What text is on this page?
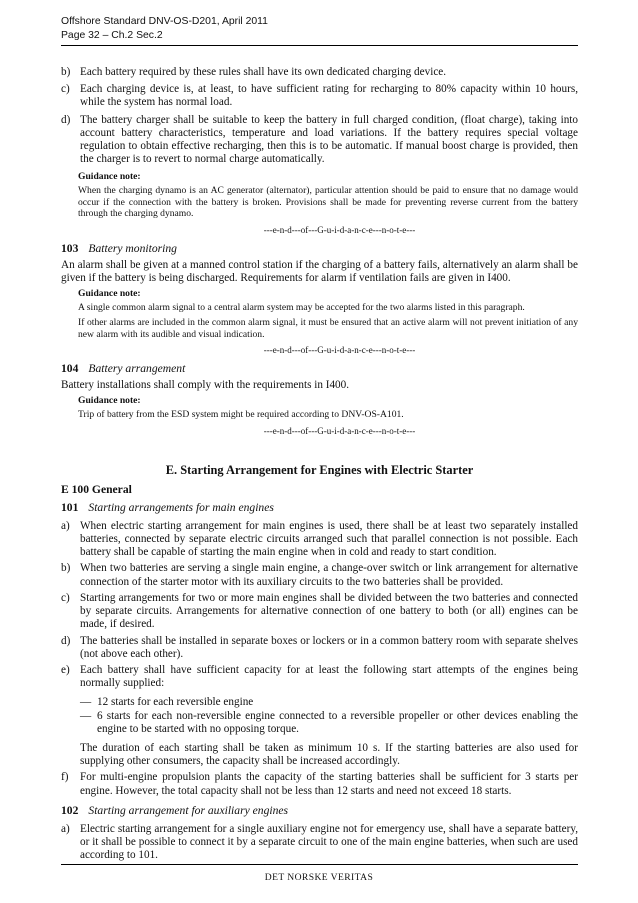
Offshore Standard DNV-OS-D201, April 2011
Page 32 – Ch.2 Sec.2
b) Each battery required by these rules shall have its own dedicated charging device.
c) Each charging device is, at least, to have sufficient rating for recharging to 80% capacity within 10 hours, while the system has normal load.
d) The battery charger shall be suitable to keep the battery in full charged condition, (float charge), taking into account battery characteristics, temperature and load variations. If the battery requires special voltage regulation to obtain effective recharging, then this is to be automatic. If manual boost charge is provided, then the charger is to revert to normal charge automatically.
Guidance note:
When the charging dynamo is an AC generator (alternator), particular attention should be paid to ensure that no damage would occur if the connection with the battery is broken. Provisions shall be made for preventing reverse current from the battery through the charging dynamo.
---e-n-d---of---G-u-i-d-a-n-c-e---n-o-t-e---
103 Battery monitoring
An alarm shall be given at a manned control station if the charging of a battery fails, alternatively an alarm shall be given if the battery is being discharged. Requirements for alarm if ventilation fails are given in I400.
Guidance note:
A single common alarm signal to a central alarm system may be accepted for the two alarms listed in this paragraph.
If other alarms are included in the common alarm signal, it must be ensured that an active alarm will not prevent initiation of any new alarm with its audible and visual indication.
---e-n-d---of---G-u-i-d-a-n-c-e---n-o-t-e---
104 Battery arrangement
Battery installations shall comply with the requirements in I400.
Guidance note:
Trip of battery from the ESD system might be required according to DNV-OS-A101.
---e-n-d---of---G-u-i-d-a-n-c-e---n-o-t-e---
E. Starting Arrangement for Engines with Electric Starter
E 100 General
101 Starting arrangements for main engines
a) When electric starting arrangement for main engines is used, there shall be at least two separately installed batteries, connected by separate electric circuits arranged such that parallel connection is not possible. Each battery shall be capable of starting the main engine when in cold and ready to start condition.
b) When two batteries are serving a single main engine, a change-over switch or link arrangement for alternative connection of the starter motor with its auxiliary circuits to the two batteries shall be provided.
c) Starting arrangements for two or more main engines shall be divided between the two batteries and connected by separate circuits. Arrangements for alternative connection of one battery to both (or all) engines can be made, if desired.
d) The batteries shall be installed in separate boxes or lockers or in a common battery room with separate shelves (not above each other).
e) Each battery shall have sufficient capacity for at least the following start attempts of the engines being normally supplied:
— 12 starts for each reversible engine
— 6 starts for each non-reversible engine connected to a reversible propeller or other devices enabling the engine to be started with no opposing torque.
The duration of each starting shall be taken as minimum 10 s. If the starting batteries are also used for supplying other consumers, the capacity shall be increased accordingly.
f) For multi-engine propulsion plants the capacity of the starting batteries shall be sufficient for 3 starts per engine. However, the total capacity shall not be less than 12 starts and need not exceed 18 starts.
102 Starting arrangement for auxiliary engines
a) Electric starting arrangement for a single auxiliary engine not for emergency use, shall have a separate battery, or it shall be possible to connect it by a separate circuit to one of the main engine batteries, when such are used according to 101.
DET NORSKE VERITAS
